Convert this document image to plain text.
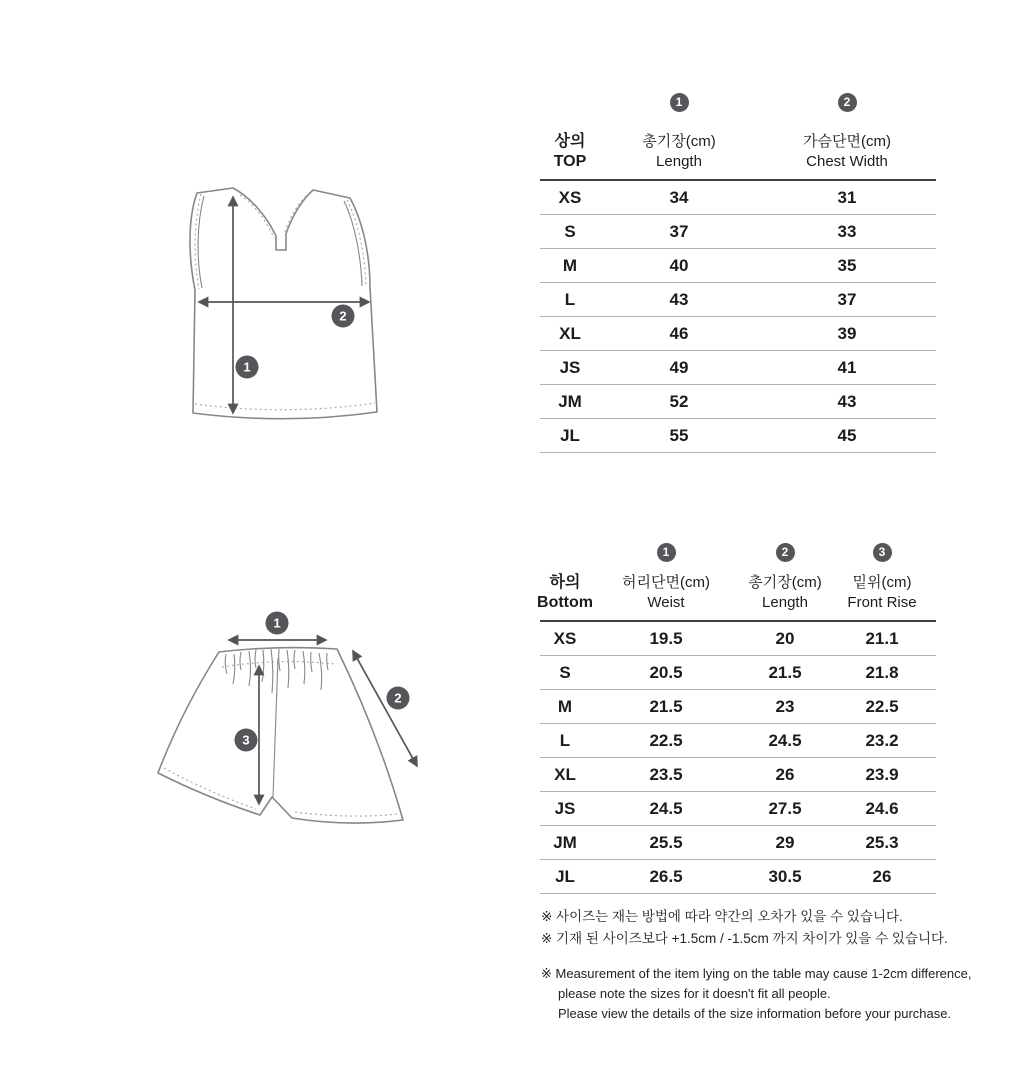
1
2
상의
TOP
1
총기장(cm)
Length
2
가슴단면(cm)
Chest Width
XS	34	31
S	37	33
M	40	35
L	43	37
XL	46	39
JS	49	41
JM	52	43
JL	55	45
1
2
3
하의
Bottom
1
허리단면(cm)
Weist
2
총기장(cm)
Length
3
밑위(cm)
Front Rise
XS	19.5	20	21.1
S	20.5	21.5	21.8
M	21.5	23	22.5
L	22.5	24.5	23.2
XL	23.5	26	23.9
JS	24.5	27.5	24.6
JM	25.5	29	25.3
JL	26.5	30.5	26
※ 사이즈는 재는 방법에 따라 약간의 오차가 있을 수 있습니다.
※ 기재 된 사이즈보다 +1.5cm / -1.5cm 까지 차이가 있을 수 있습니다.
※ Measurement of the item lying on the table may cause 1-2cm difference,
please note the sizes for it doesn't fit all people.
Please view the details of the size information before your purchase.
